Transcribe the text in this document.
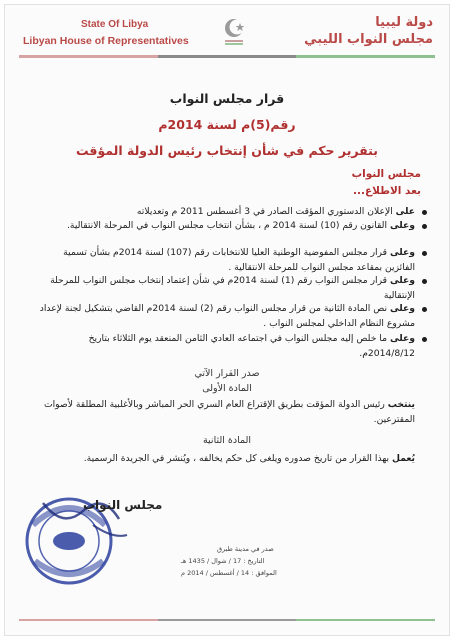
State Of Libya
Libyan House of Representatives
دولة ليبيا
مجلس النواب الليبي
قرار مجلس النواب
رقم(5)م لسنة 2014م
بتقرير حكم في شأن إنتخاب رئيس الدولة المؤقت
مجلس النواب
بعد الاطلاع...
على الإعلان الدستوري المؤقت الصادر في 3 أغسطس 2011 م وتعديلاته
وعلى القانون رقم (10) لسنة 2014 م ، بشأن انتخاب مجلس النواب في المرحلة الانتقالية.
وعلى قرار مجلس المفوضية الوطنية العليا للانتخابات رقم (107) لسنة 2014م بشأن تسمية الفائزين بمقاعد مجلس النواب للمرحلة الانتقالية .
وعلى قرار مجلس النواب رقم (1) لسنة 2014م في شأن إعتماد إنتخاب مجلس النواب للمرحلة الإنتقالية
وعلى نص المادة الثانية من قرار مجلس النواب رقم (2) لسنة 2014م القاضي بتشكيل لجنة لإعداد مشروع النظام الداخلي لمجلس النواب .
وعلى ما خلص إليه مجلس النواب في اجتماعه العادي الثامن المنعقد يوم الثلاثاء بتاريخ 2014/8/12م.
صدر القرار الآتي
المادة الأولى
ينتخب رئيس الدولة المؤقت بطريق الإقتراع العام السري الحر المباشر وبالأغلبية المطلقة لأصوات المقترعين.
المادة الثانية
يُعمل بهذا القرار من تاريخ صدوره ويلغى كل حكم يخالفه ، ويُنشر في الجريدة الرسمية.
مجلس النواب
صدر في مدينة طبرق
التاريخ : 17 / شوال / 1435 هـ
الموافق : 14 / أغسطس / 2014 م
